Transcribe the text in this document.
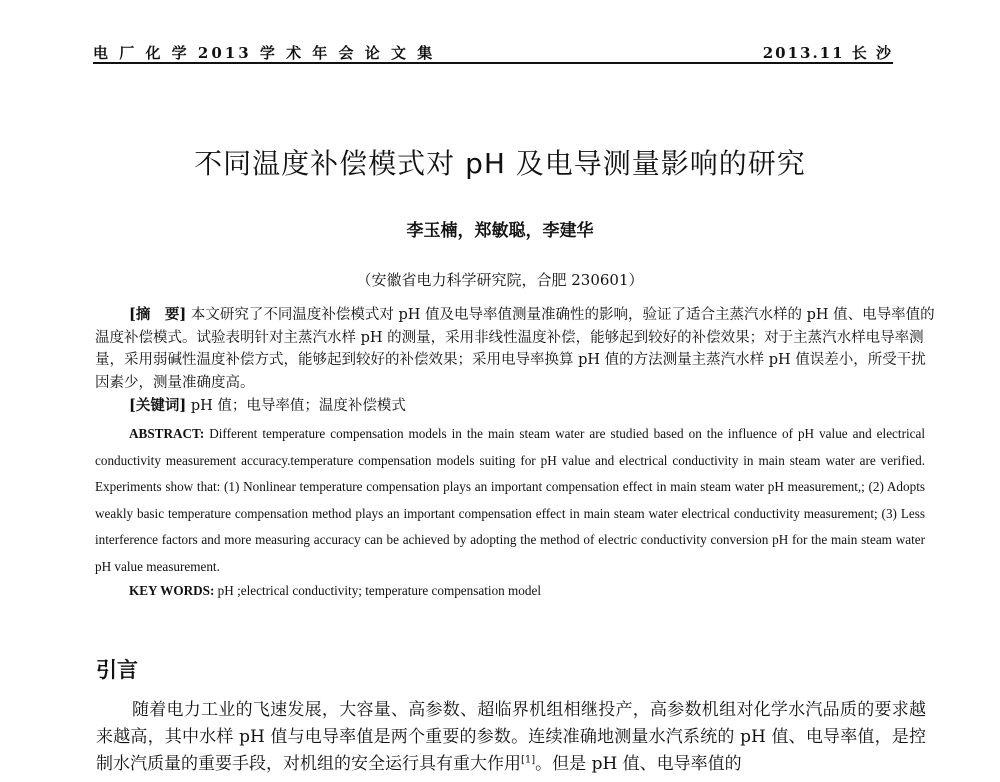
电 厂 化 学 2013 学 术 年 会 论 文 集	2013.11 长 沙
不同温度补偿模式对 pH 及电导测量影响的研究
李玉楠，郑敏聪，李建华
（安徽省电力科学研究院，合肥 230601）
[摘　要] 本文研究了不同温度补偿模式对 pH 值及电导率值测量准确性的影响，验证了适合主蒸汽水样的 pH 值、电导率值的温度补偿模式。试验表明针对主蒸汽水样 pH 的测量，采用非线性温度补偿，能够起到较好的补偿效果；对于主蒸汽水样电导率测量，采用弱碱性温度补偿方式，能够起到较好的补偿效果；采用电导率换算 pH 值的方法测量主蒸汽水样 pH 值误差小，所受干扰因素少，测量准确度高。
[关键词] pH 值；电导率值；温度补偿模式
ABSTRACT: Different temperature compensation models in the main steam water are studied based on the influence of pH value and electrical conductivity measurement accuracy.temperature compensation models suiting for pH value and electrical conductivity in main steam water are verified. Experiments show that: (1) Nonlinear temperature compensation plays an important compensation effect in main steam water pH measurement,; (2) Adopts weakly basic temperature compensation method plays an important compensation effect in main steam water electrical conductivity measurement; (3) Less interference factors and more measuring accuracy can be achieved by adopting the method of electric conductivity conversion pH for the main steam water pH value measurement.
KEY WORDS: pH ;electrical conductivity; temperature compensation model
引言
随着电力工业的飞速发展，大容量、高参数、超临界机组相继投产，高参数机组对化学水汽品质的要求越来越高，其中水样 pH 值与电导率值是两个重要的参数。连续准确地测量水汽系统的 pH 值、电导率值，是控制水汽质量的重要手段，对机组的安全运行具有重大作用[1]。但是 pH 值、电导率值的
